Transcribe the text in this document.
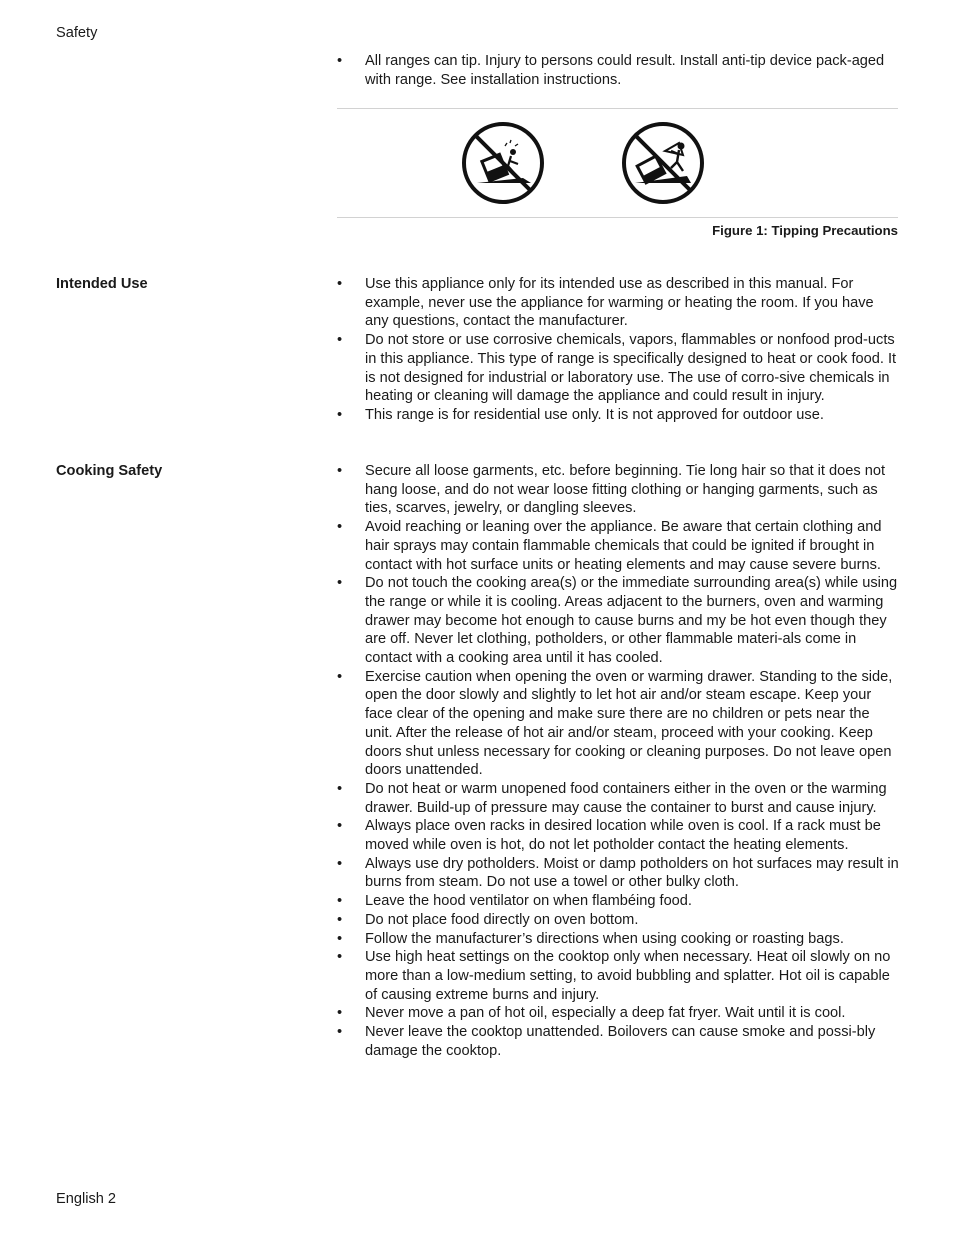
Safety
• All ranges can tip. Injury to persons could result. Install anti-tip device pack-aged with range. See installation instructions.
Figure 1: Tipping Precautions
Intended Use	• Use this appliance only for its intended use as described in this manual. For example, never use the appliance for warming or heating the room. If you have any questions, contact the manufacturer.
• Do not store or use corrosive chemicals, vapors, flammables or nonfood prod-ucts in this appliance. This type of range is specifically designed to heat or cook food. It is not designed for industrial or laboratory use. The use of corro-sive chemicals in heating or cleaning will damage the appliance and could result in injury.
• This range is for residential use only. It is not approved for outdoor use.
Cooking Safety	• Secure all loose garments, etc. before beginning. Tie long hair so that it does not hang loose, and do not wear loose fitting clothing or hanging garments, such as ties, scarves, jewelry, or dangling sleeves.
• Avoid reaching or leaning over the appliance. Be aware that certain clothing and hair sprays may contain flammable chemicals that could be ignited if brought in contact with hot surface units or heating elements and may cause severe burns.
• Do not touch the cooking area(s) or the immediate surrounding area(s) while using the range or while it is cooling. Areas adjacent to the burners, oven and warming drawer may become hot enough to cause burns and my be hot even though they are off. Never let clothing, potholders, or other flammable materi-als come in contact with a cooking area until it has cooled.
• Exercise caution when opening the oven or warming drawer. Standing to the side, open the door slowly and slightly to let hot air and/or steam escape. Keep your face clear of the opening and make sure there are no children or pets near the unit. After the release of hot air and/or steam, proceed with your cooking. Keep doors shut unless necessary for cooking or cleaning purposes. Do not leave open doors unattended.
• Do not heat or warm unopened food containers either in the oven or the warming drawer. Build-up of pressure may cause the container to burst and cause injury.
• Always place oven racks in desired location while oven is cool. If a rack must be moved while oven is hot, do not let potholder contact the heating elements.
• Always use dry potholders. Moist or damp potholders on hot surfaces may result in burns from steam. Do not use a towel or other bulky cloth.
• Leave the hood ventilator on when flambéing food.
• Do not place food directly on oven bottom.
• Follow the manufacturer’s directions when using cooking or roasting bags.
• Use high heat settings on the cooktop only when necessary. Heat oil slowly on no more than a low-medium setting, to avoid bubbling and splatter. Hot oil is capable of causing extreme burns and injury.
• Never move a pan of hot oil, especially a deep fat fryer. Wait until it is cool.
• Never leave the cooktop unattended. Boilovers can cause smoke and possi-bly damage the cooktop.
English 2
